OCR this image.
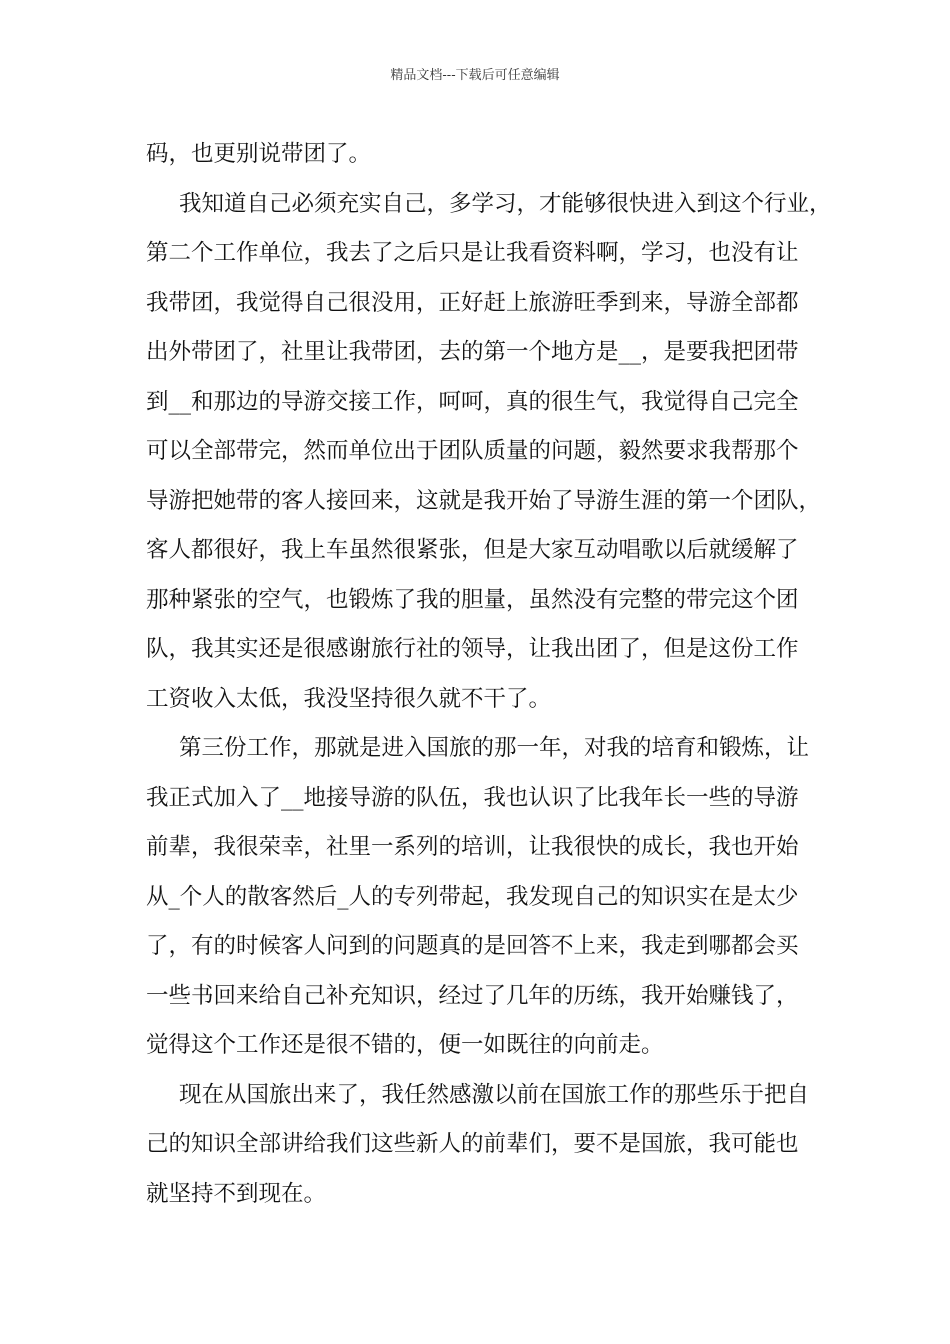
精品文档---下载后可任意编辑

码，也更别说带团了。

我知道自己必须充实自己，多学习，才能够很快进入到这个行业，
第二个工作单位，我去了之后只是让我看资料啊，学习，也没有让
我带团，我觉得自己很没用，正好赶上旅游旺季到来，导游全部都
出外带团了，社里让我带团，去的第一个地方是__，是要我把团带
到__和那边的导游交接工作，呵呵，真的很生气，我觉得自己完全
可以全部带完，然而单位出于团队质量的问题，毅然要求我帮那个
导游把她带的客人接回来，这就是我开始了导游生涯的第一个团队，
客人都很好，我上车虽然很紧张，但是大家互动唱歌以后就缓解了
那种紧张的空气，也锻炼了我的胆量，虽然没有完整的带完这个团
队，我其实还是很感谢旅行社的领导，让我出团了，但是这份工作
工资收入太低，我没坚持很久就不干了。

第三份工作，那就是进入国旅的那一年，对我的培育和锻炼，让
我正式加入了__地接导游的队伍，我也认识了比我年长一些的导游
前辈，我很荣幸，社里一系列的培训，让我很快的成长，我也开始
从_个人的散客然后_人的专列带起，我发现自己的知识实在是太少
了，有的时候客人问到的问题真的是回答不上来，我走到哪都会买
一些书回来给自己补充知识，经过了几年的历练，我开始赚钱了，
觉得这个工作还是很不错的，便一如既往的向前走。

现在从国旅出来了，我任然感激以前在国旅工作的那些乐于把自
己的知识全部讲给我们这些新人的前辈们，要不是国旅，我可能也
就坚持不到现在。
